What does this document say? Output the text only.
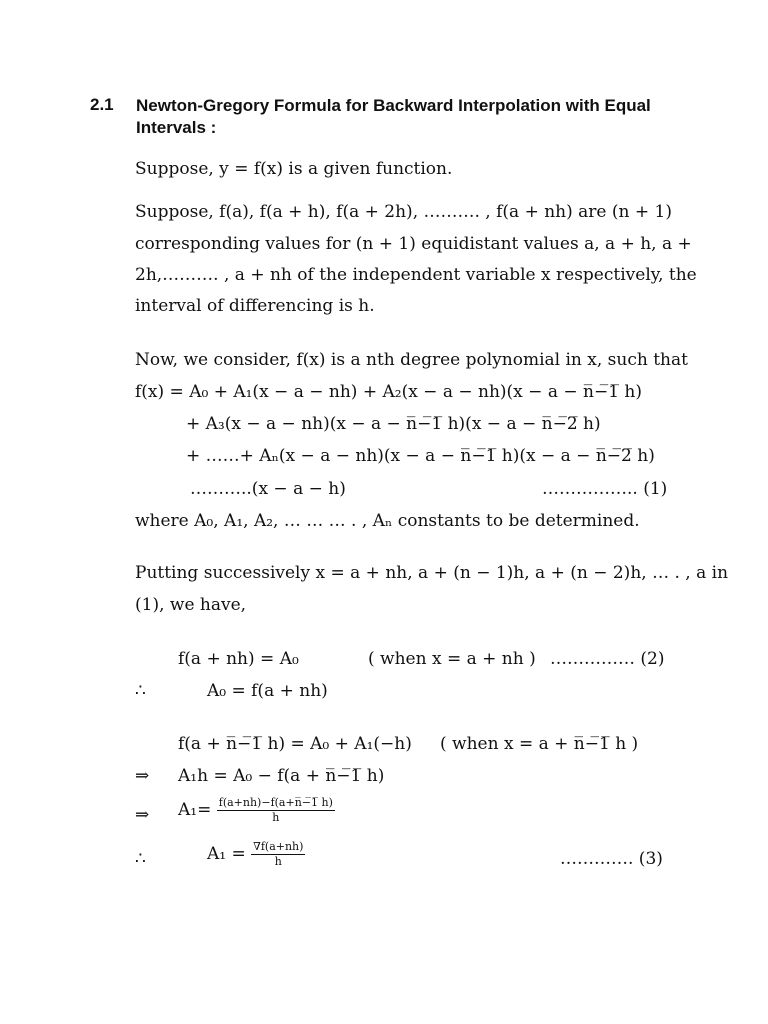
2.1 Newton-Gregory Formula for Backward Interpolation with Equal Intervals :
Suppose, y = f(x) is a given function.
Suppose, f(a), f(a + h), f(a + 2h), ………. , f(a + nh) are (n + 1)
corresponding values for (n + 1) equidistant values a, a + h, a +
2h,………. , a + nh of the independent variable x respectively, the
interval of differencing is h.
Now, we consider, f(x) is a nth degree polynomial in x, such that
f(x) = A₀ + A₁(x − a − nh) + A₂(x − a − nh)(x − a − n̅−̅1̅ h)
+ A₃(x − a − nh)(x − a − n̅−̅1̅ h)(x − a − n̅−̅2̅ h)
+ ……+ Aₙ(x − a − nh)(x − a − n̅−̅1̅ h)(x − a − n̅−̅2̅ h)
………..(x − a − h)	…………….. (1)
where A₀, A₁, A₂, … … … . , Aₙ constants to be determined.
Putting successively x = a + nh, a + (n − 1)h, a + (n − 2)h, … . , a in
(1), we have,
f(a + nh) = A₀	( when x = a + nh ) …………… (2)
∴	A₀ = f(a + nh)
f(a + n̅−̅1̅ h) = A₀ + A₁(−h) ( when x = a + n̅−̅1̅ h )
⇒ A₁h = A₀ − f(a + n̅−̅1̅ h)
⇒ $A_1= \frac{f(a+nh)-f(a+n̅-̅1̅ h)}{h}$
∴	$A_1 = \frac{\nabla f(a+nh)}{h}$	…………. (3)
